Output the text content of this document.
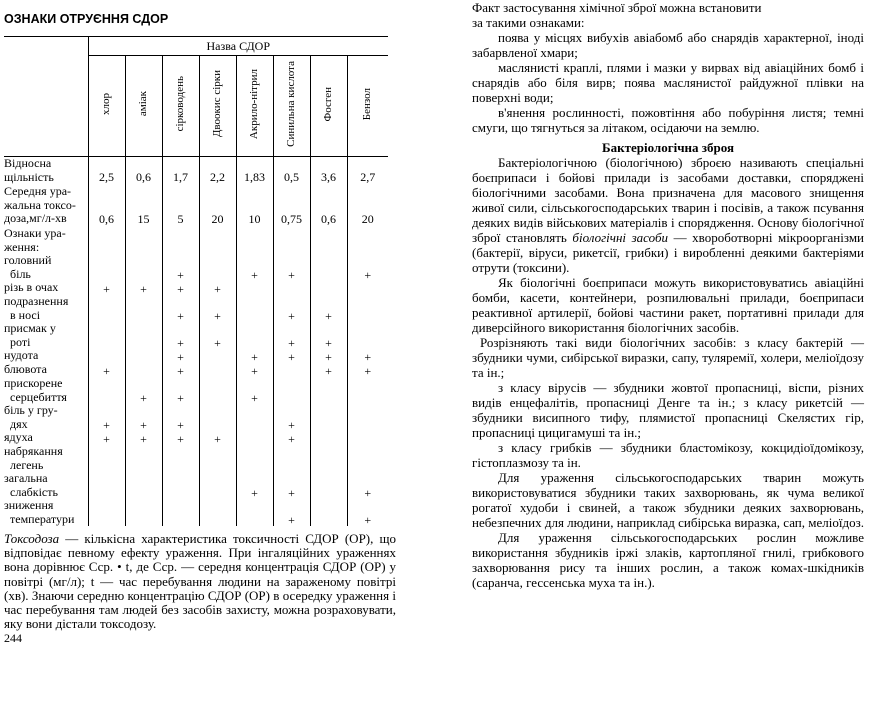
ОЗНАКИ ОТРУЄННЯ СДОР
	Назва СДОР							
	хлор	аміак	сірководень	Двоокис сірки	Акрило-нітрил	Синильна кислота	Фосген	Бензол

Відносна щільність	2,5	0,6	1,7	2,2	1,83	0,5	3,6	2,7

Середня ура-
жальна токсо-
доза,мг/л-хв	0,6	15	5	20	10	0,75	0,6	20

Ознаки ура-
ження:								

головний
біль			+		+	+		+

різь в очах	+	+	+	+				

подразнення
в носі			+	+		+	+	

присмак у
роті			+	+		+	+	

нудота			+		+	+	+	+

блювота	+		+		+		+	+

прискорене
серцебиття		+	+		+			

біль у гру-
дях	+	+	+			+		

ядуха	+	+	+	+		+		

набрякання
легень								

загальна
слабкість					+	+		+

зниження
температури						+		+

Токсодоза — кількісна характеристика токсичності СДОР (ОР), що відповідає певному ефекту ураження. При інгаляційних ураженнях вона дорівнює Сср. • t, де Сср. — середня концентрація СДОР (ОР) у повітрі (мг/л); t — час перебування людини на зараженому повітрі (хв). Знаючи середню концентрацію СДОР (ОР) в осередку ураження і час перебування там людей без засобів захисту, можна розраховувати, яку вони дістали токсодозу.

244

Факт застосування хімічної зброї можна встановити

за такими ознаками:

поява у місцях вибухів авіабомб або снарядів характерної, іноді забарвленої хмари;

маслянисті краплі, плями і мазки у вирвах від авіаційних бомб і снарядів або біля вирв; поява маслянистої райдужної плівки на поверхні води;

в'янення рослинності, пожовтіння або побуріння листя; темні смуги, що тягнуться за літаком, осідаючи на землю.

Бактеріологічна зброя

Бактеріологічною (біологічною) зброєю називають спеціальні боєприпаси і бойові прилади із засобами доставки, споряджені біологічними засобами. Вона призначена для масового знищення живої сили, сільськогосподарських тварин і посівів, а також псування деяких видів військових матеріалів і спорядження. Основу біологічної зброї становлять біологічні засоби — хвороботворні мікроорганізми (бактерії, віруси, рикетсії, грибки) і виробленні деякими бактеріями отрути (токсини).

Як біологічні боєприпаси можуть використовуватись авіаційні бомби, касети, контейнери, розпилювальні прилади, боєприпаси реактивної артилерії, бойові частини ракет, портативні прилади для диверсійного використання біологічних засобів.

Розрізняють такі види біологічних засобів: з класу бактерій — збудники чуми, сибірської виразки, сапу, туляремії, холери, меліоїдозу та ін.;

з класу вірусів — збудники жовтої пропасниці, віспи, різних видів енцефалітів, пропасниці Денге та ін.; з класу рикетсій — збудники висипного тифу, плямистої пропасниці Скелястих гір, пропасниці цицигамуші та ін.;

з класу грибків — збудники бластомікозу, кокцидіоїдомікозу, гістоплазмозу та ін.

Для ураження сільськогосподарських тварин можуть використовуватися збудники таких захворювань, як чума великої рогатої худоби і свиней, а також збудники деяких захворювань, небезпечних для людини, наприклад сибірська виразка, сап, меліоїдоз.

Для ураження сільськогосподарських рослин можливе використання збудників іржі злаків, картопляної гнилі, грибкового захворювання рису та інших рослин, а також комах-шкідників (саранча, гессенська муха та ін.).
